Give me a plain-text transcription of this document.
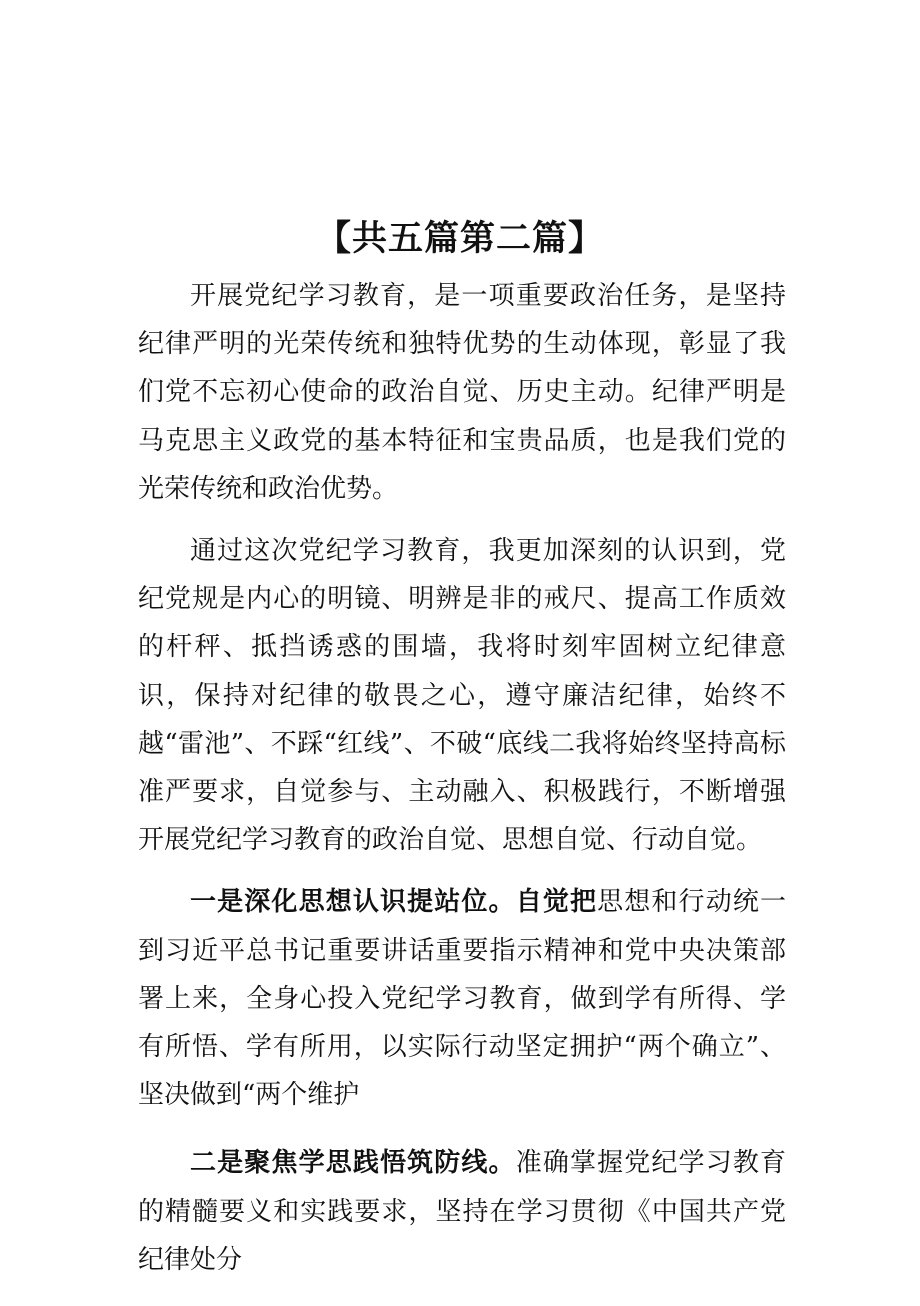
【共五篇第二篇】

开展党纪学习教育，是一项重要政治任务，是坚持纪律严明的光荣传统和独特优势的生动体现，彰显了我们党不忘初心使命的政治自觉、历史主动。纪律严明是马克思主义政党的基本特征和宝贵品质，也是我们党的光荣传统和政治优势。

通过这次党纪学习教育，我更加深刻的认识到，党纪党规是内心的明镜、明辨是非的戒尺、提高工作质效的杆秤、抵挡诱惑的围墙，我将时刻牢固树立纪律意识，保持对纪律的敬畏之心，遵守廉洁纪律，始终不越“雷池”、不踩“红线”、不破“底线二我将始终坚持高标准严要求，自觉参与、主动融入、积极践行，不断增强开展党纪学习教育的政治自觉、思想自觉、行动自觉。

一是深化思想认识提站位。自觉把思想和行动统一到习近平总书记重要讲话重要指示精神和党中央决策部署上来，全身心投入党纪学习教育，做到学有所得、学有所悟、学有所用，以实际行动坚定拥护“两个确立”、坚决做到“两个维护

二是聚焦学思践悟筑防线。准确掌握党纪学习教育的精髓要义和实践要求，坚持在学习贯彻《中国共产党纪律处分
